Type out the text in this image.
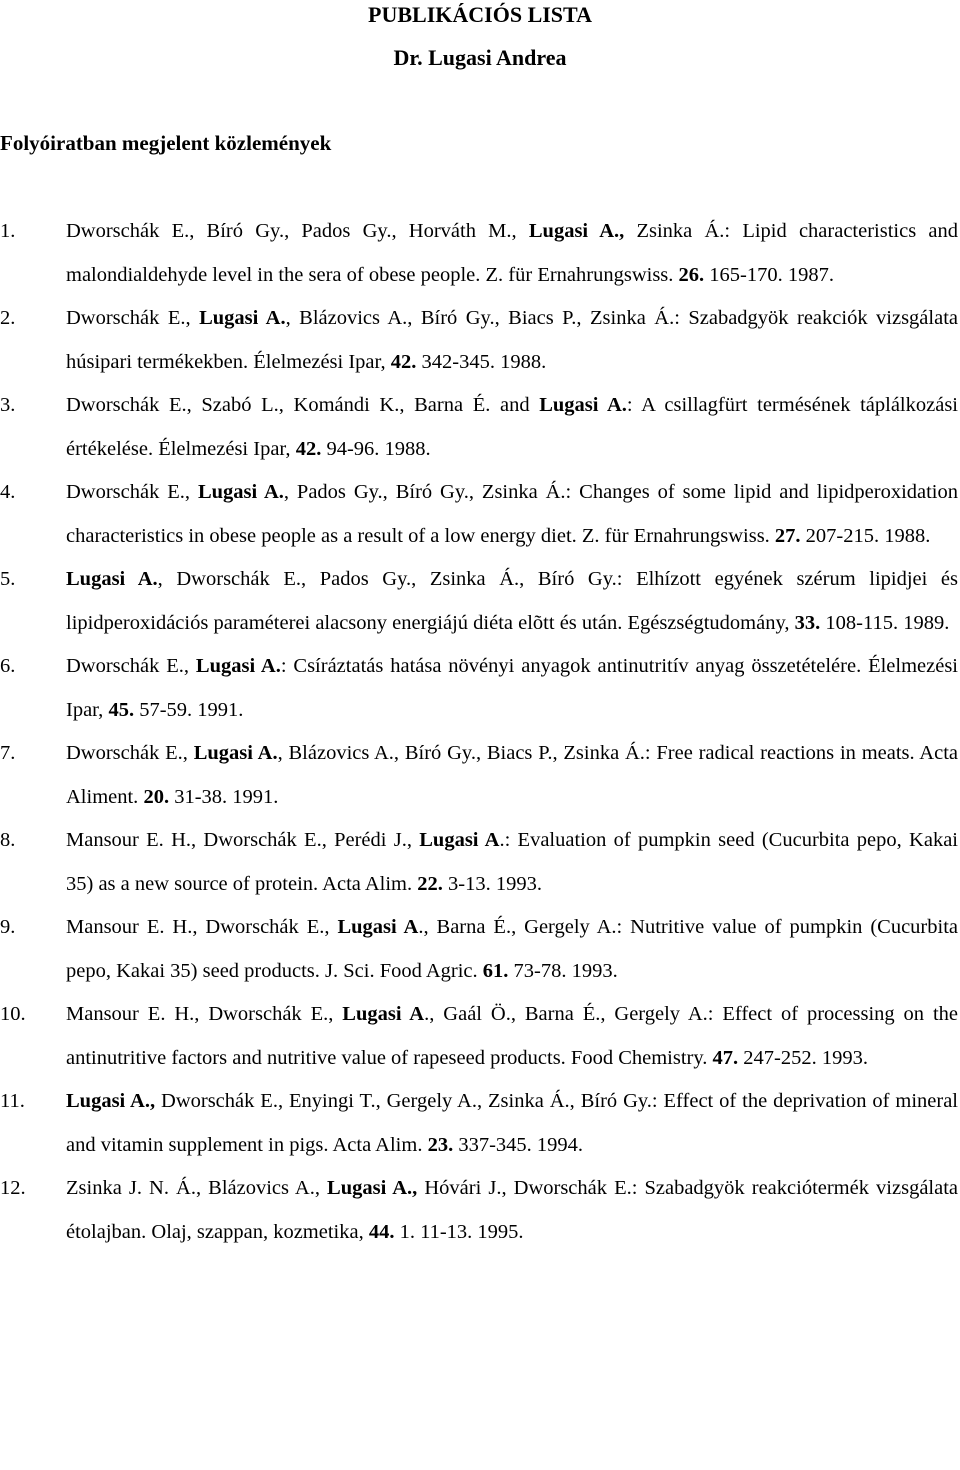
PUBLIKÁCIÓS LISTA
Dr. Lugasi Andrea
Folyóiratban megjelent közlemények
1. Dworschák E., Bíró Gy., Pados Gy., Horváth M., Lugasi A., Zsinka Á.: Lipid characteristics and malondialdehyde level in the sera of obese people. Z. für Ernahrungswiss. 26. 165-170. 1987.
2. Dworschák E., Lugasi A., Blázovics A., Bíró Gy., Biacs P., Zsinka Á.: Szabadgyök reakciók vizsgálata húsipari termékekben. Élelmezési Ipar, 42. 342-345. 1988.
3. Dworschák E., Szabó L., Komándi K., Barna É. and Lugasi A.: A csillagfürt termésének táplálkozási értékelése. Élelmezési Ipar, 42. 94-96. 1988.
4. Dworschák E., Lugasi A., Pados Gy., Bíró Gy., Zsinka Á.: Changes of some lipid and lipidperoxidation characteristics in obese people as a result of a low energy diet. Z. für Ernahrungswiss. 27. 207-215. 1988.
5. Lugasi A., Dworschák E., Pados Gy., Zsinka Á., Bíró Gy.: Elhízott egyének szérum lipidjei és lipidperoxidációs paraméterei alacsony energiájú diéta elõtt és után. Egészségtudomány, 33. 108-115. 1989.
6. Dworschák E., Lugasi A.: Csíráztatás hatása növényi anyagok antinutritív anyag összetételére. Élelmezési Ipar, 45. 57-59. 1991.
7. Dworschák E., Lugasi A., Blázovics A., Bíró Gy., Biacs P., Zsinka Á.: Free radical reactions in meats. Acta Aliment. 20. 31-38. 1991.
8. Mansour E. H., Dworschák E., Perédi J., Lugasi A.: Evaluation of pumpkin seed (Cucurbita pepo, Kakai 35) as a new source of protein. Acta Alim. 22. 3-13. 1993.
9. Mansour E. H., Dworschák E., Lugasi A., Barna É., Gergely A.: Nutritive value of pumpkin (Cucurbita pepo, Kakai 35) seed products. J. Sci. Food Agric. 61. 73-78. 1993.
10. Mansour E. H., Dworschák E., Lugasi A., Gaál Ö., Barna É., Gergely A.: Effect of processing on the antinutritive factors and nutritive value of rapeseed products. Food Chemistry. 47. 247-252. 1993.
11. Lugasi A., Dworschák E., Enyingi T., Gergely A., Zsinka Á., Bíró Gy.: Effect of the deprivation of mineral and vitamin supplement in pigs. Acta Alim. 23. 337-345. 1994.
12. Zsinka J. N. Á., Blázovics A., Lugasi A., Hóvári J., Dworschák E.: Szabadgyök reakciótermék vizsgálata étolajban. Olaj, szappan, kozmetika, 44. 1. 11-13. 1995.
